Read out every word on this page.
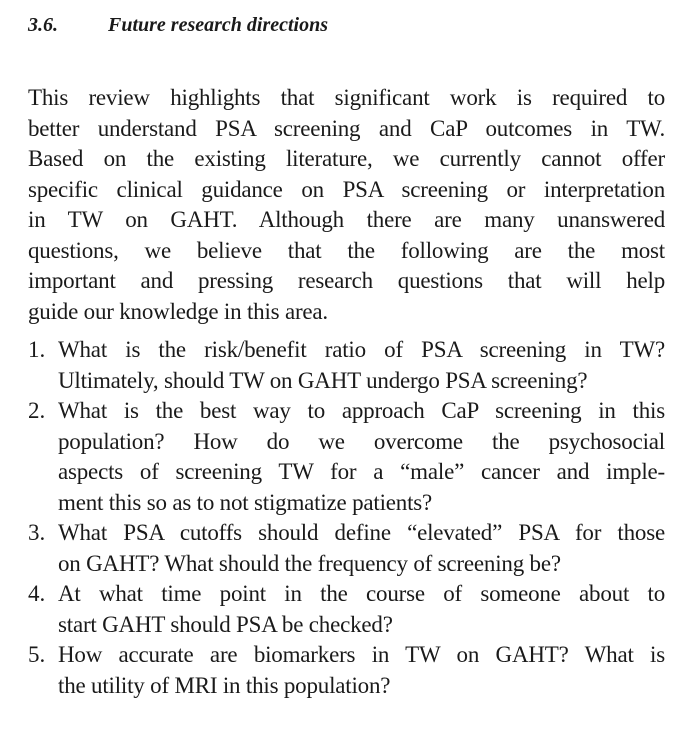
3.6.	Future research directions
This review highlights that significant work is required to
better understand PSA screening and CaP outcomes in TW.
Based on the existing literature, we currently cannot offer
specific clinical guidance on PSA screening or interpretation
in TW on GAHT. Although there are many unanswered
questions, we believe that the following are the most
important and pressing research questions that will help
guide our knowledge in this area.
1. What is the risk/benefit ratio of PSA screening in TW?
Ultimately, should TW on GAHT undergo PSA screening?
2. What is the best way to approach CaP screening in this
population? How do we overcome the psychosocial
aspects of screening TW for a “male” cancer and imple-
ment this so as to not stigmatize patients?
3. What PSA cutoffs should define “elevated” PSA for those
on GAHT? What should the frequency of screening be?
4. At what time point in the course of someone about to
start GAHT should PSA be checked?
5. How accurate are biomarkers in TW on GAHT? What is
the utility of MRI in this population?
